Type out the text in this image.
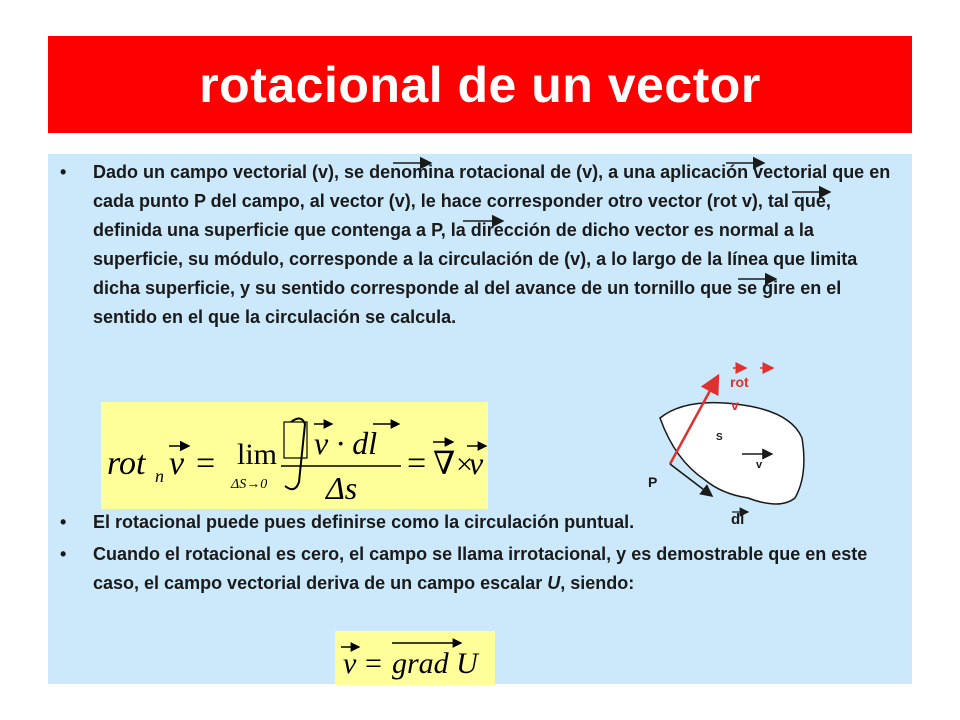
rotacional de un vector
• Dado un campo vectorial (v), se denomina rotacional de (v), a una aplicación vectorial que en cada punto P del campo, al vector (v), le hace corresponder otro vector (rot v), tal que, definida una superficie que contenga a P, la dirección de dicho vector es normal a la superficie, su módulo, corresponde a la circulación de (v), a lo largo de la línea que limita dicha superficie, y su sentido corresponde al del avance de un tornillo que se gire en el sentido en el que la circulación se calcula.
• El rotacional puede pues definirse como la circulación puntual.
• Cuando el rotacional es cero, el campo se llama irrotacional, y es demostrable que en este caso, el campo vectorial deriva de un campo escalar U, siendo:
rot n v = lim
ΔS→0
v · dl
Δs
= ∇ ×
v
v = grad U
rot
v
S
v
P
dl
